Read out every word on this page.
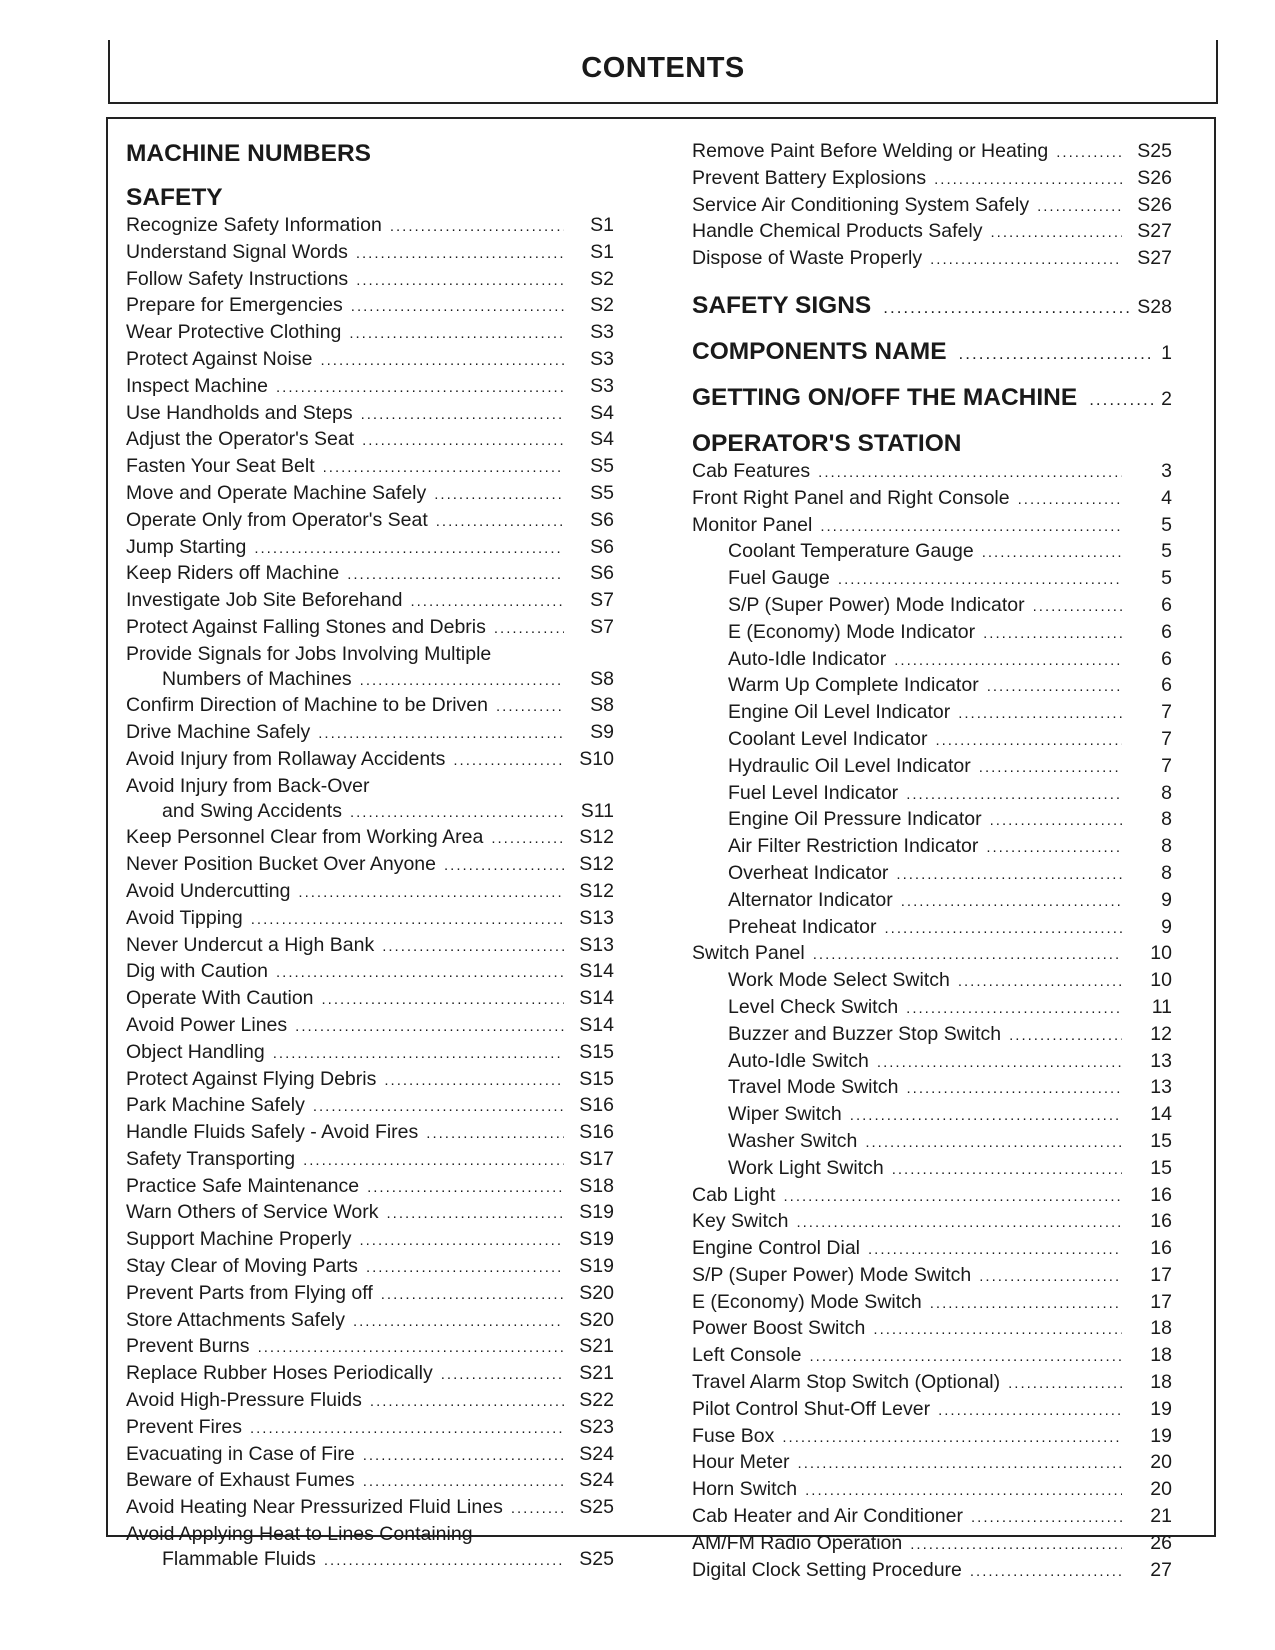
CONTENTS
MACHINE NUMBERS
SAFETY
Recognize Safety Information .....	S1
Understand Signal Words .....	S1
Follow Safety Instructions .....	S2
Prepare for Emergencies .....	S2
Wear Protective Clothing .....	S3
Protect Against Noise .....	S3
Inspect Machine .....	S3
Use Handholds and Steps .....	S4
Adjust the Operator's Seat .....	S4
Fasten Your Seat Belt .....	S5
Move and Operate Machine Safely .....	S5
Operate Only from Operator's Seat .....	S6
Jump Starting .....	S6
Keep Riders off Machine .....	S6
Investigate Job Site Beforehand .....	S7
Protect Against Falling Stones and Debris .....	S7
Provide Signals for Jobs Involving Multiple
Numbers of Machines .....	S8
Confirm Direction of Machine to be Driven .....	S8
Drive Machine Safely .....	S9
Avoid Injury from Rollaway Accidents .....	S10
Avoid Injury from Back-Over
and Swing Accidents .....	S11
Keep Personnel Clear from Working Area .....	S12
Never Position Bucket Over Anyone .....	S12
Avoid Undercutting .....	S12
Avoid Tipping .....	S13
Never Undercut a High Bank .....	S13
Dig with Caution .....	S14
Operate With Caution .....	S14
Avoid Power Lines .....	S14
Object Handling .....	S15
Protect Against Flying Debris .....	S15
Park Machine Safely .....	S16
Handle Fluids Safely - Avoid Fires .....	S16
Safety Transporting .....	S17
Practice Safe Maintenance .....	S18
Warn Others of Service Work .....	S19
Support Machine Properly .....	S19
Stay Clear of Moving Parts .....	S19
Prevent Parts from Flying off .....	S20
Store Attachments Safely .....	S20
Prevent Burns .....	S21
Replace Rubber Hoses Periodically .....	S21
Avoid High-Pressure Fluids .....	S22
Prevent Fires .....	S23
Evacuating in Case of Fire .....	S24
Beware of Exhaust Fumes .....	S24
Avoid Heating Near Pressurized Fluid Lines .....	S25
Avoid Applying Heat to Lines Containing
Flammable Fluids .....	S25
Remove Paint Before Welding or Heating .....	S25
Prevent Battery Explosions .....	S26
Service Air Conditioning System Safely .....	S26
Handle Chemical Products Safely .....	S27
Dispose of Waste Properly .....	S27
SAFETY SIGNS .....	S28
COMPONENTS NAME .....	1
GETTING ON/OFF THE MACHINE .....	2
OPERATOR'S STATION
Cab Features .....	3
Front Right Panel and Right Console .....	4
Monitor Panel .....	5
Coolant Temperature Gauge .....	5
Fuel Gauge .....	5
S/P (Super Power) Mode Indicator .....	6
E (Economy) Mode Indicator .....	6
Auto-Idle Indicator .....	6
Warm Up Complete Indicator .....	6
Engine Oil Level Indicator .....	7
Coolant Level Indicator .....	7
Hydraulic Oil Level Indicator .....	7
Fuel Level Indicator .....	8
Engine Oil Pressure Indicator .....	8
Air Filter Restriction Indicator .....	8
Overheat Indicator .....	8
Alternator Indicator .....	9
Preheat Indicator .....	9
Switch Panel .....	10
Work Mode Select Switch .....	10
Level Check Switch .....	11
Buzzer and Buzzer Stop Switch .....	12
Auto-Idle Switch .....	13
Travel Mode Switch .....	13
Wiper Switch .....	14
Washer Switch .....	15
Work Light Switch .....	15
Cab Light .....	16
Key Switch .....	16
Engine Control Dial .....	16
S/P (Super Power) Mode Switch .....	17
E (Economy) Mode Switch .....	17
Power Boost Switch .....	18
Left Console .....	18
Travel Alarm Stop Switch (Optional) .....	18
Pilot Control Shut-Off Lever .....	19
Fuse Box .....	19
Hour Meter .....	20
Horn Switch .....	20
Cab Heater and Air Conditioner .....	21
AM/FM Radio Operation .....	26
Digital Clock Setting Procedure .....	27
